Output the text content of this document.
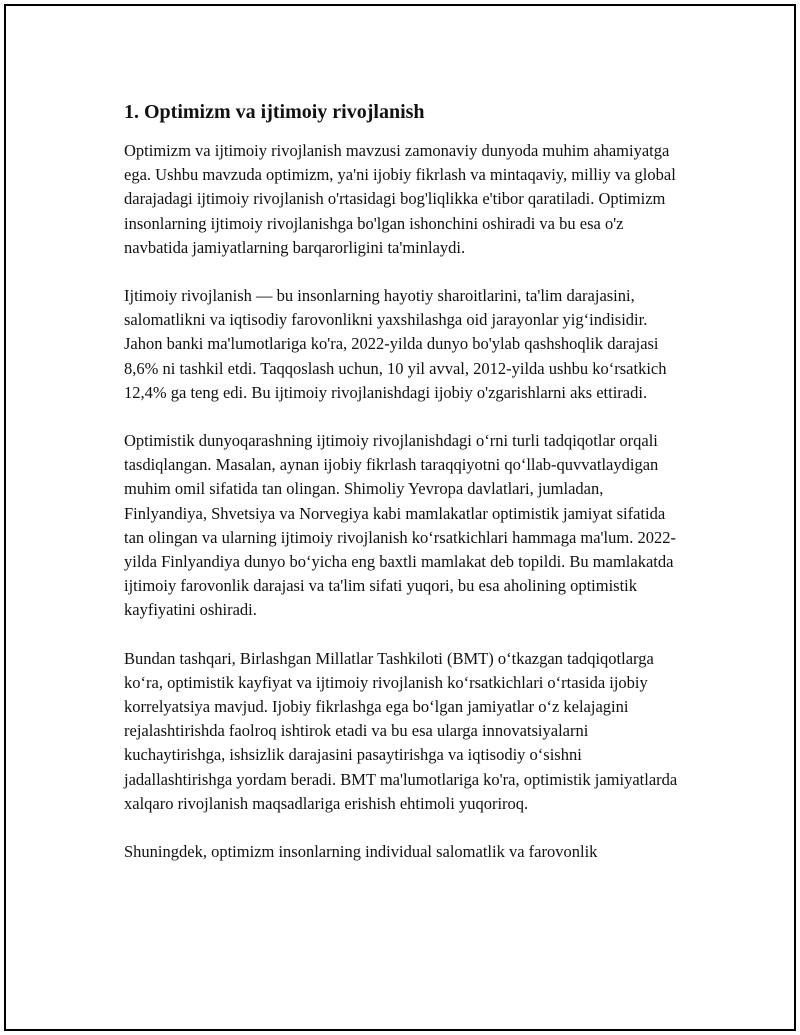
1. Optimizm va ijtimoiy rivojlanish

Optimizm va ijtimoiy rivojlanish mavzusi zamonaviy dunyoda muhim ahamiyatga ega. Ushbu mavzuda optimizm, ya'ni ijobiy fikrlash va mintaqaviy, milliy va global darajadagi ijtimoiy rivojlanish o'rtasidagi bog'liqlikka e'tibor qaratiladi. Optimizm insonlarning ijtimoiy rivojlanishga bo'lgan ishonchini oshiradi va bu esa o'z navbatida jamiyatlarning barqarorligini ta'minlaydi.

Ijtimoiy rivojlanish — bu insonlarning hayotiy sharoitlarini, ta'lim darajasini, salomatlikni va iqtisodiy farovonlikni yaxshilashga oid jarayonlar yig‘indisidir. Jahon banki ma'lumotlariga ko'ra, 2022-yilda dunyo bo'ylab qashshoqlik darajasi 8,6% ni tashkil etdi. Taqqoslash uchun, 10 yil avval, 2012-yilda ushbu ko‘rsatkich 12,4% ga teng edi. Bu ijtimoiy rivojlanishdagi ijobiy o'zgarishlarni aks ettiradi.

Optimistik dunyoqarashning ijtimoiy rivojlanishdagi o‘rni turli tadqiqotlar orqali tasdiqlangan. Masalan, aynan ijobiy fikrlash taraqqiyotni qo‘llab-quvvatlaydigan muhim omil sifatida tan olingan. Shimoliy Yevropa davlatlari, jumladan, Finlyandiya, Shvetsiya va Norvegiya kabi mamlakatlar optimistik jamiyat sifatida tan olingan va ularning ijtimoiy rivojlanish ko‘rsatkichlari hammaga ma'lum. 2022-yilda Finlyandiya dunyo bo‘yicha eng baxtli mamlakat deb topildi. Bu mamlakatda ijtimoiy farovonlik darajasi va ta'lim sifati yuqori, bu esa aholining optimistik kayfiyatini oshiradi.

Bundan tashqari, Birlashgan Millatlar Tashkiloti (BMT) o‘tkazgan tadqiqotlarga ko‘ra, optimistik kayfiyat va ijtimoiy rivojlanish ko‘rsatkichlari o‘rtasida ijobiy korrelyatsiya mavjud. Ijobiy fikrlashga ega bo‘lgan jamiyatlar o‘z kelajagini rejalashtirishda faolroq ishtirok etadi va bu esa ularga innovatsiyalarni kuchaytirishga, ishsizlik darajasini pasaytirishga va iqtisodiy o‘sishni jadallashtirishga yordam beradi. BMT ma'lumotlariga ko'ra, optimistik jamiyatlarda xalqaro rivojlanish maqsadlariga erishish ehtimoli yuqoriroq.

Shuningdek, optimizm insonlarning individual salomatlik va farovonlik
